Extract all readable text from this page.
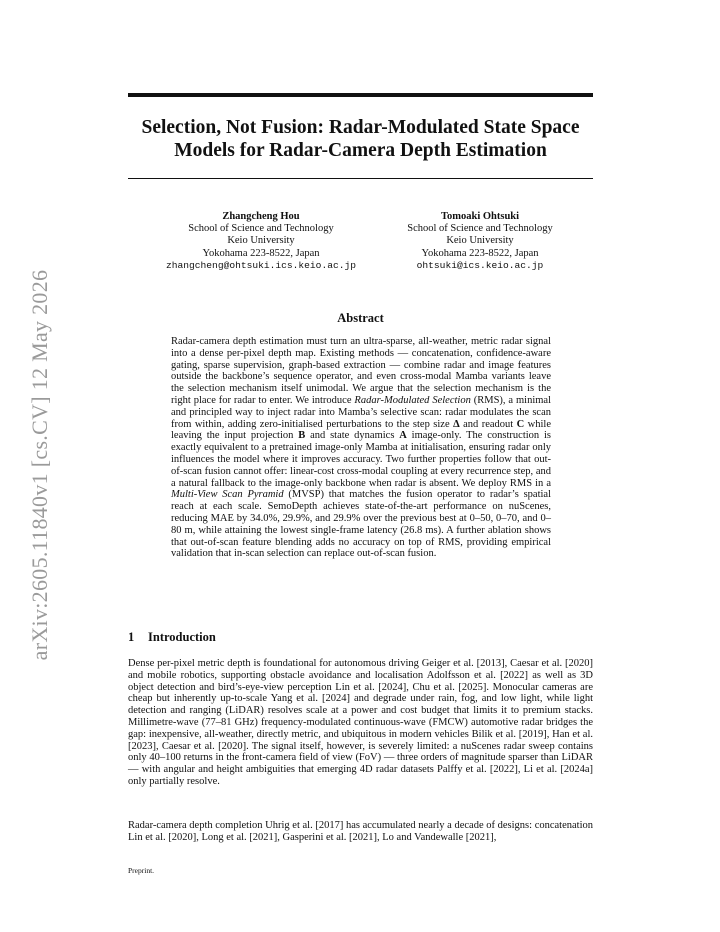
arXiv:2605.11840v1 [cs.CV] 12 May 2026
Selection, Not Fusion: Radar-Modulated State Space Models for Radar-Camera Depth Estimation
Zhangcheng Hou
School of Science and Technology
Keio University
Yokohama 223-8522, Japan
zhangcheng@ohtsuki.ics.keio.ac.jp
Tomoaki Ohtsuki
School of Science and Technology
Keio University
Yokohama 223-8522, Japan
ohtsuki@ics.keio.ac.jp
Abstract

Radar-camera depth estimation must turn an ultra-sparse, all-weather, metric radar signal into a dense per-pixel depth map. Existing methods — concatenation, confidence-aware gating, sparse supervision, graph-based extraction — combine radar and image features outside the backbone’s sequence operator, and even cross-modal Mamba variants leave the selection mechanism itself unimodal. We argue that the selection mechanism is the right place for radar to enter. We introduce Radar-Modulated Selection (RMS), a minimal and principled way to inject radar into Mamba’s selective scan: radar modulates the scan from within, adding zero-initialised perturbations to the step size Δ and readout C while leaving the input projection B and state dynamics A image-only. The construction is exactly equivalent to a pretrained image-only Mamba at initialisation, ensuring radar only influences the model where it improves accuracy. Two further properties follow that out-of-scan fusion cannot offer: linear-cost cross-modal coupling at every recurrence step, and a natural fallback to the image-only backbone when radar is absent. We deploy RMS in a Multi-View Scan Pyramid (MVSP) that matches the fusion operator to radar’s spatial reach at each scale. SemoDepth achieves state-of-the-art performance on nuScenes, reducing MAE by 34.0%, 29.9%, and 29.9% over the previous best at 0–50, 0–70, and 0–80 m, while attaining the lowest single-frame latency (26.8 ms). A further ablation shows that out-of-scan feature blending adds no accuracy on top of RMS, providing empirical validation that in-scan selection can replace out-of-scan fusion.

1 Introduction

Dense per-pixel metric depth is foundational for autonomous driving Geiger et al. [2013], Caesar et al. [2020] and mobile robotics, supporting obstacle avoidance and localisation Adolfsson et al. [2022] as well as 3D object detection and bird’s-eye-view perception Lin et al. [2024], Chu et al. [2025]. Monocular cameras are cheap but inherently up-to-scale Yang et al. [2024] and degrade under rain, fog, and low light, while light detection and ranging (LiDAR) resolves scale at a power and cost budget that limits it to premium stacks. Millimetre-wave (77–81 GHz) frequency-modulated continuous-wave (FMCW) automotive radar bridges the gap: inexpensive, all-weather, directly metric, and ubiquitous in modern vehicles Bilik et al. [2019], Han et al. [2023], Caesar et al. [2020]. The signal itself, however, is severely limited: a nuScenes radar sweep contains only 40–100 returns in the front-camera field of view (FoV) — three orders of magnitude sparser than LiDAR — with angular and height ambiguities that emerging 4D radar datasets Palffy et al. [2022], Li et al. [2024a] only partially resolve.

Radar-camera depth completion Uhrig et al. [2017] has accumulated nearly a decade of designs: concatenation Lin et al. [2020], Long et al. [2021], Gasperini et al. [2021], Lo and Vandewalle [2021],

Preprint.
